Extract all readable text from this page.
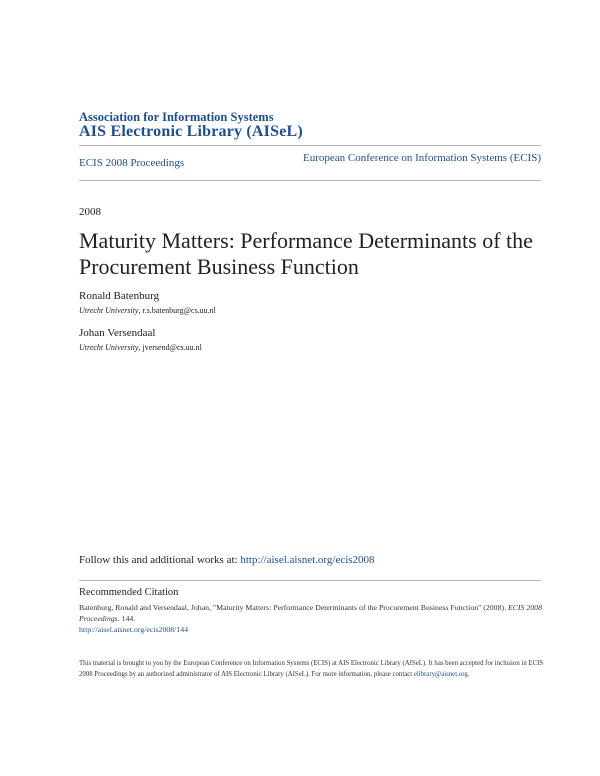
Association for Information Systems
AIS Electronic Library (AISeL)
ECIS 2008 Proceedings	European Conference on Information Systems (ECIS)
2008
Maturity Matters: Performance Determinants of the Procurement Business Function
Ronald Batenburg
Utrecht University, r.s.batenburg@cs.uu.nl
Johan Versendaal
Utrecht University, jversend@cs.uu.nl
Follow this and additional works at: http://aisel.aisnet.org/ecis2008
Recommended Citation
Batenburg, Ronald and Versendaal, Johan, "Maturity Matters: Performance Determinants of the Procurement Business Function" (2008). ECIS 2008 Proceedings. 144.
http://aisel.aisnet.org/ecis2008/144
This material is brought to you by the European Conference on Information Systems (ECIS) at AIS Electronic Library (AISeL). It has been accepted for inclusion in ECIS 2008 Proceedings by an authorized administrator of AIS Electronic Library (AISeL). For more information, please contact elibrary@aisnet.org.
